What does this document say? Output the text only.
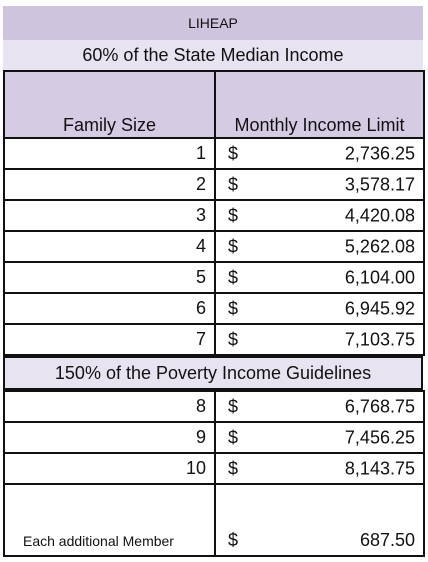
LIHEAP
60% of the State Median Income
Family Size	Monthly Income Limit
1	$ 2,736.25

2	$ 3,578.17

3	$ 4,420.08

4	$ 5,262.08

5	$ 6,104.00

6	$ 6,945.92

7	$ 7,103.75
150% of the Poverty Income Guidelines
8	$ 6,768.75

9	$ 7,456.25

10	$ 8,143.75

Each additional Member	$ 687.50
